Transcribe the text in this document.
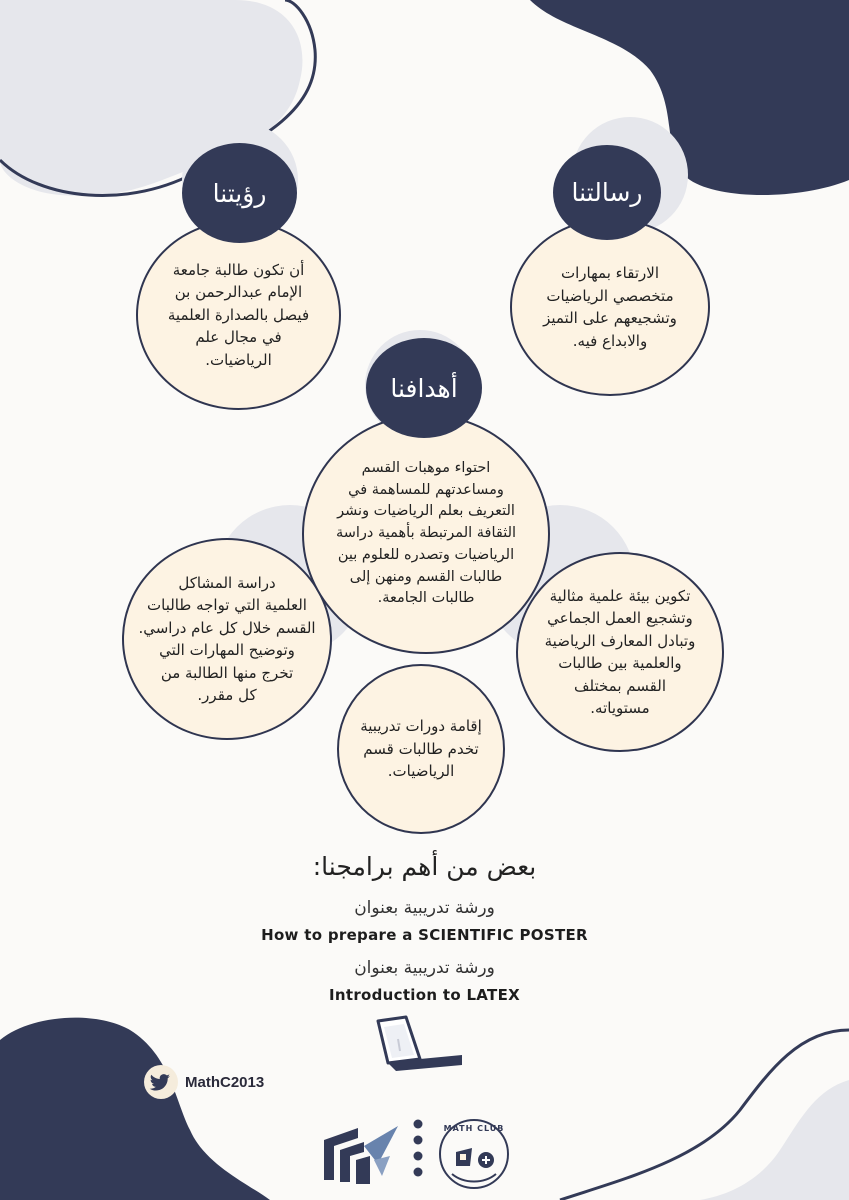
الارتقاء بمهارات
متخصصي الرياضيات
وتشجيعهم على التميز
والابداع فيه.
رسالتنا
أن تكون طالبة جامعة
الإمام عبدالرحمن بن
فيصل بالصدارة العلمية
في مجال علم
الرياضيات.
رؤيتنا
دراسة المشاكل
العلمية التي تواجه طالبات
القسم خلال كل عام دراسي.
وتوضيح المهارات التي
تخرج منها الطالبة من
كل مقرر.
تكوين بيئة علمية مثالية
وتشجيع العمل الجماعي
وتبادل المعارف الرياضية
والعلمية بين طالبات
القسم بمختلف
مستوياته.
إقامة دورات تدريبية
تخدم طالبات قسم
الرياضيات.
احتواء موهبات القسم
ومساعدتهم للمساهمة في
التعريف بعلم الرياضيات ونشر
الثقافة المرتبطة بأهمية دراسة
الرياضيات وتصدره للعلوم بين
طالبات القسم ومنهن إلى
طالبات الجامعة.
أهدافنا
بعض من أهم برامجنا:
ورشة تدريبية بعنوان
How to prepare a SCIENTIFIC POSTER
ورشة تدريبية بعنوان
Introduction to LATEX
MathC2013
MATH CLUB
